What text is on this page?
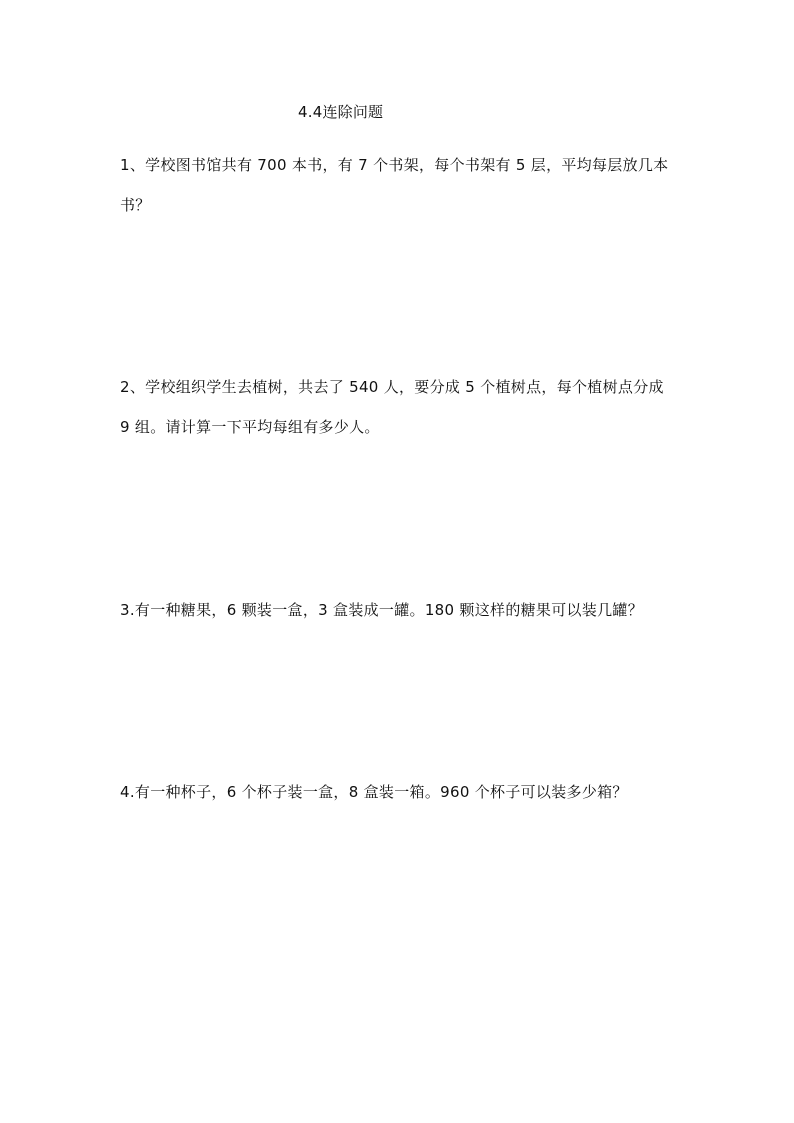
4.4连除问题
1、学校图书馆共有 700 本书，有 7 个书架，每个书架有 5 层，平均每层放几本
书？
2、学校组织学生去植树，共去了 540 人，要分成 5 个植树点，每个植树点分成
9 组。请计算一下平均每组有多少人。
3.有一种糖果，6 颗装一盒，3 盒装成一罐。180 颗这样的糖果可以装几罐？
4.有一种杯子，6 个杯子装一盒，8 盒装一箱。960 个杯子可以装多少箱？
